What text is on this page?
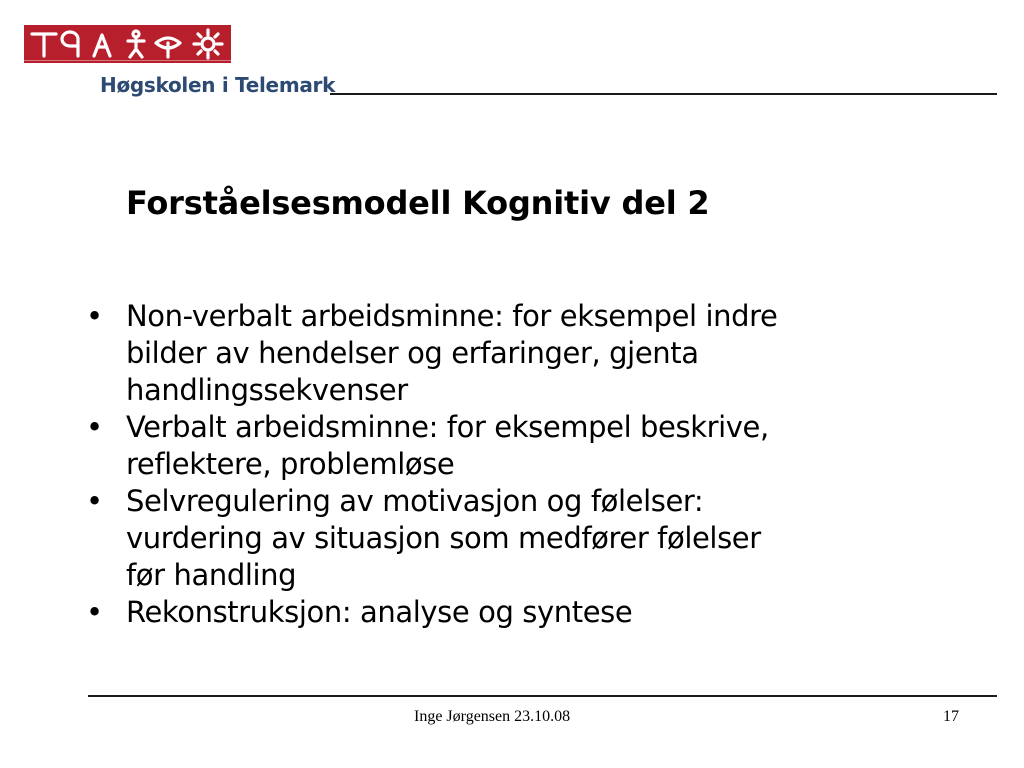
Høgskolen i Telemark
Forståelsesmodell Kognitiv del 2
• Non-verbalt arbeidsminne: for eksempel indre
bilder av hendelser og erfaringer, gjenta
handlingssekvenser
• Verbalt arbeidsminne: for eksempel beskrive,
reflektere, problemløse
• Selvregulering av motivasjon og følelser:
vurdering av situasjon som medfører følelser
før handling
• Rekonstruksjon: analyse og syntese
Inge Jørgensen 23.10.08	17
